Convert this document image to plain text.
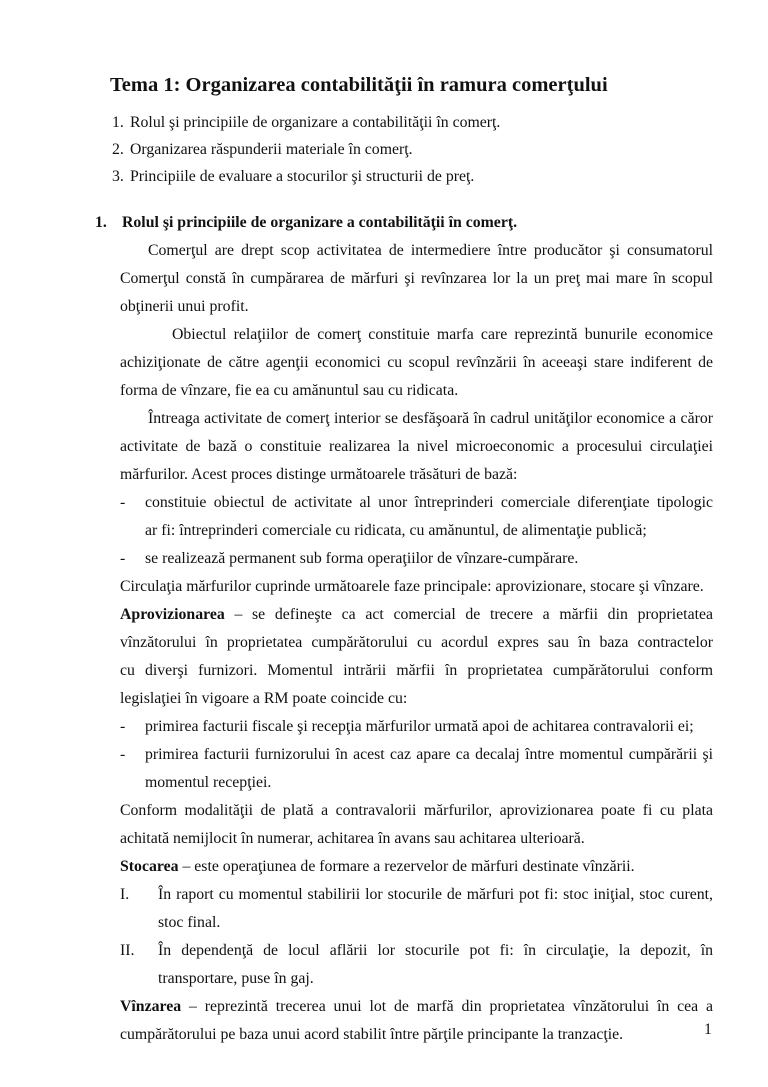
Tema 1: Organizarea contabilităţii în ramura comerţului
1. Rolul şi principiile de organizare a contabilităţii în comerţ.
2. Organizarea răspunderii materiale în comerţ.
3. Principiile de evaluare a stocurilor şi structurii de preţ.
1. Rolul şi principiile de organizare a contabilităţii în comerţ.
Comerţul are drept scop activitatea de intermediere între producător şi consumatorul
Comerţul constă în cumpărarea de mărfuri şi revînzarea lor la un preţ mai mare în scopul
obţinerii unui profit.
Obiectul relaţiilor de comerţ constituie marfa care reprezintă bunurile economice
achiziţionate de către agenţii economici cu scopul revînzării în aceeaşi stare indiferent de
forma de vînzare, fie ea cu amănuntul sau cu ridicata.
Întreaga activitate de comerţ interior se desfăşoară în cadrul unităţilor economice a căror
activitate de bază o constituie realizarea la nivel microeconomic a procesului circulaţiei
mărfurilor. Acest proces distinge următoarele trăsături de bază:
-	constituie obiectul de activitate al unor întreprinderi comerciale diferenţiate tipologic
ar fi: întreprinderi comerciale cu ridicata, cu amănuntul, de alimentaţie publică;
-	se realizează permanent sub forma operaţiilor de vînzare-cumpărare.
Circulaţia mărfurilor cuprinde următoarele faze principale: aprovizionare, stocare şi vînzare.
Aprovizionarea – se defineşte ca act comercial de trecere a mărfii din proprietatea
vînzătorului în proprietatea cumpărătorului cu acordul expres sau în baza contractelor
cu diverşi furnizori. Momentul intrării mărfii în proprietatea cumpărătorului conform
legislaţiei în vigoare a RM poate coincide cu:
-	primirea facturii fiscale şi recepţia mărfurilor urmată apoi de achitarea contravalorii ei;
-	primirea facturii furnizorului în acest caz apare ca decalaj între momentul cumpărării şi
momentul recepţiei.
Conform modalităţii de plată a contravalorii mărfurilor, aprovizionarea poate fi cu plata
achitată nemijlocit în numerar, achitarea în avans sau achitarea ulterioară.
Stocarea – este operaţiunea de formare a rezervelor de mărfuri destinate vînzării.
I.	În raport cu momentul stabilirii lor stocurile de mărfuri pot fi: stoc iniţial, stoc curent,
stoc final.
II.	În dependenţă de locul aflării lor stocurile pot fi: în circulaţie, la depozit, în
transportare, puse în gaj.
Vînzarea – reprezintă trecerea unui lot de marfă din proprietatea vînzătorului în cea a
cumpărătorului pe baza unui acord stabilit între părţile principante la tranzacţie.	1
